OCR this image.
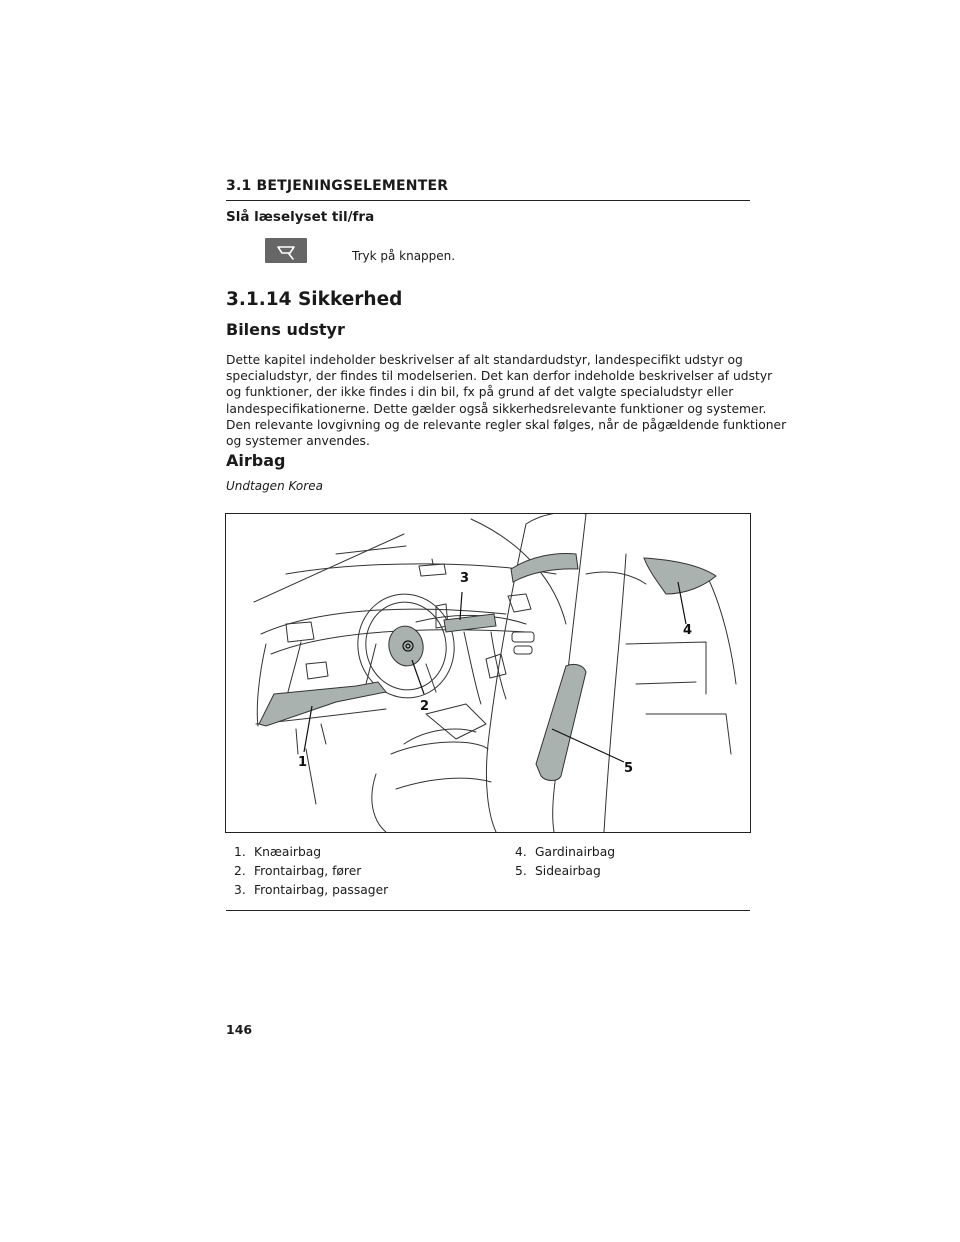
3.1 BETJENINGSELEMENTER
Slå læselyset til/fra
Tryk på knappen.
3.1.14 Sikkerhed
Bilens udstyr
Dette kapitel indeholder beskrivelser af alt standardudstyr, landespecifikt udstyr og
specialudstyr, der findes til modelserien. Det kan derfor indeholde beskrivelser af udstyr
og funktioner, der ikke findes i din bil, fx på grund af det valgte specialudstyr eller
landespecifikationerne. Dette gælder også sikkerhedsrelevante funktioner og systemer.
Den relevante lovgivning og de relevante regler skal følges, når de pågældende funktioner
og systemer anvendes.
Airbag
Undtagen Korea
1
2
3
4
5
1. Knæairbag
2. Frontairbag, fører
3. Frontairbag, passager
4. Gardinairbag
5. Sideairbag
146
